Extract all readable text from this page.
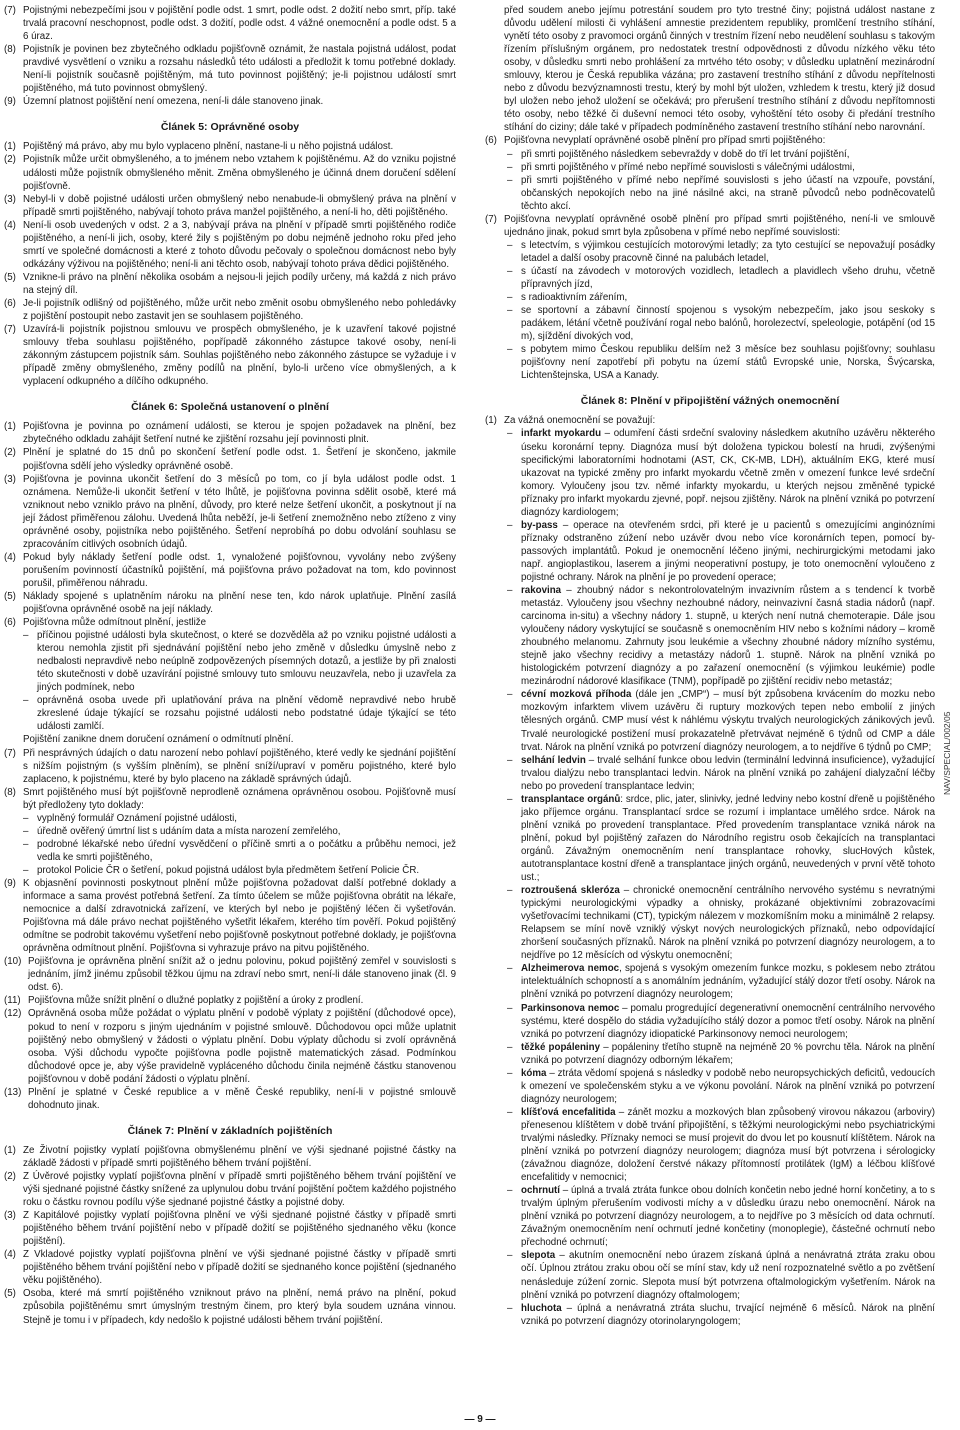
(7) Pojistnými nebezpečími jsou v pojištění podle odst. 1 smrt, podle odst. 2 dožití nebo smrt, příp. také trvalá pracovní neschopnost, podle odst. 3 dožití, podle odst. 4 vážné onemocnění a podle odst. 5 a 6 úraz.

(8) Pojistník je povinen bez zbytečného odkladu pojišťovně oznámit, že nastala pojistná událost, podat pravdivé vysvětlení o vzniku a rozsahu následků této události a předložit k tomu potřebné doklady. Není-li pojistník současně pojištěným, má tuto povinnost pojištěný; je-li pojistnou událostí smrt pojištěného, má tuto povinnost obmyšlený.

(9) Územní platnost pojištění není omezena, není-li dále stanoveno jinak.

Článek 5: Oprávněné osoby

(1) Pojištěný má právo, aby mu bylo vyplaceno plnění, nastane-li u něho pojistná událost.

(2) Pojistník může určit obmyšleného, a to jménem nebo vztahem k pojištěnému. Až do vzniku pojistné události může pojistník obmyšleného měnit. Změna obmyšleného je účinná dnem doručení sdělení pojišťovně.

(3) Nebyl-li v době pojistné události určen obmyšlený nebo nenabude-li obmyšlený práva na plnění v případě smrti pojištěného, nabývají tohoto práva manžel pojištěného, a není-li ho, děti pojištěného.

(4) Není-li osob uvedených v odst. 2 a 3, nabývají práva na plnění v případě smrti pojištěného rodiče pojištěného, a není-li jich, osoby, které žily s pojištěným po dobu nejméně jednoho roku před jeho smrtí ve společné domácnosti a které z tohoto důvodu pečovaly o společnou domácnost nebo byly odkázány výživou na pojištěného; není-li ani těchto osob, nabývají tohoto práva dědici pojištěného.

(5) Vznikne-li právo na plnění několika osobám a nejsou-li jejich podíly určeny, má každá z nich právo na stejný díl.

(6) Je-li pojistník odlišný od pojištěného, může určit nebo změnit osobu obmyšleného nebo pohledávky z pojištění postoupit nebo zastavit jen se souhlasem pojištěného.

(7) Uzavírá-li pojistník pojistnou smlouvu ve prospěch obmyšleného, je k uzavření takové pojistné smlouvy třeba souhlasu pojištěného, popřípadě zákonného zástupce takové osoby, není-li zákonným zástupcem pojistník sám. Souhlas pojištěného nebo zákonného zástupce se vyžaduje i v případě změny obmyšleného, změny podílů na plnění, bylo-li určeno více obmyšlených, a k vyplacení odkupného a dílčího odkupného.

Článek 6: Společná ustanovení o plnění

(1) Pojišťovna je povinna po oznámení události, se kterou je spojen požadavek na plnění, bez zbytečného odkladu zahájit šetření nutné ke zjištění rozsahu její povinnosti plnit.

(2) Plnění je splatné do 15 dnů po skončení šetření podle odst. 1. Šetření je skončeno, jakmile pojišťovna sdělí jeho výsledky oprávněné osobě.

(3) Pojišťovna je povinna ukončit šetření do 3 měsíců po tom, co jí byla událost podle odst. 1 oznámena. Nemůže-li ukončit šetření v této lhůtě, je pojišťovna povinna sdělit osobě, které má vzniknout nebo vzniklo právo na plnění, důvody, pro které nelze šetření ukončit, a poskytnout jí na její žádost přiměřenou zálohu. Uvedená lhůta neběží, je-li šetření znemožněno nebo ztíženo z viny oprávněné osoby, pojistníka nebo pojištěného. Šetření neprobíhá po dobu odvolání souhlasu se zpracováním citlivých osobních údajů.

(4) Pokud byly náklady šetření podle odst. 1, vynaložené pojišťovnou, vyvolány nebo zvýšeny porušením povinností účastníků pojištění, má pojišťovna právo požadovat na tom, kdo povinnost porušil, přiměřenou náhradu.

(5) Náklady spojené s uplatněním nároku na plnění nese ten, kdo nárok uplatňuje. Plnění zasílá pojišťovna oprávněné osobě na její náklady.

(6) Pojišťovna může odmítnout plnění, jestliže

– příčinou pojistné události byla skutečnost, o které se dozvěděla až po vzniku pojistné události a kterou nemohla zjistit při sjednávání pojištění nebo jeho změně v důsledku úmyslně nebo z nedbalosti nepravdivě nebo neúplně zodpovězených písemných dotazů, a jestliže by při znalosti této skutečnosti v době uzavírání pojistné smlouvy tuto smlouvu neuzavřela, nebo ji uzavřela za jiných podmínek, nebo

– oprávněná osoba uvede při uplatňování práva na plnění vědomě nepravdivé nebo hrubě zkreslené údaje týkající se rozsahu pojistné události nebo podstatné údaje týkající se této události zamlčí.

Pojištění zanikne dnem doručení oznámení o odmítnutí plnění.

(7) Při nesprávných údajích o datu narození nebo pohlaví pojištěného, které vedly ke sjednání pojištění s nižším pojistným (s vyšším plněním), se plnění sníží/upraví v poměru pojistného, které bylo zaplaceno, k pojistnému, které by bylo placeno na základě správných údajů.

(8) Smrt pojištěného musí být pojišťovně neprodleně oznámena oprávněnou osobou. Pojišťovně musí být předloženy tyto doklady:

– vyplněný formulář Oznámení pojistné události,

– úředně ověřený úmrtní list s udáním data a místa narození zemřelého,

– podrobné lékařské nebo úřední vysvědčení o příčině smrti a o počátku a průběhu nemoci, jež vedla ke smrti pojištěného,

– protokol Policie ČR o šetření, pokud pojistná událost byla předmětem šetření Policie ČR.

(9) K objasnění povinnosti poskytnout plnění může pojišťovna požadovat další potřebné doklady a informace a sama provést potřebná šetření. Za tímto účelem se může pojišťovna obrátit na lékaře, nemocnice a další zdravotnická zařízení, ve kterých byl nebo je pojištěný léčen či vyšetřován. Pojišťovna má dále právo nechat pojištěného vyšetřit lékařem, kterého tím pověří. Pokud pojištěný odmítne se podrobit takovému vyšetření nebo pojišťovně poskytnout potřebné doklady, je pojišťovna oprávněna odmítnout plnění. Pojišťovna si vyhrazuje právo na pitvu pojištěného.

(10) Pojišťovna je oprávněna plnění snížit až o jednu polovinu, pokud pojištěný zemřel v souvislosti s jednáním, jímž jinému způsobil těžkou újmu na zdraví nebo smrt, není-li dále stanoveno jinak (čl. 9 odst. 6).

(11) Pojišťovna může snížit plnění o dlužné poplatky z pojištění a úroky z prodlení.

(12) Oprávněná osoba může požádat o výplatu plnění v podobě výplaty z pojištění (důchodové opce), pokud to není v rozporu s jiným ujednáním v pojistné smlouvě. Důchodovou opci může uplatnit pojištěný nebo obmyšlený v žádosti o výplatu plnění. Dobu výplaty důchodu si zvolí oprávněná osoba. Výši důchodu vypočte pojišťovna podle pojistně matematických zásad. Podmínkou důchodové opce je, aby výše pravidelně vypláceného důchodu činila nejméně částku stanovenou pojišťovnou v době podání žádosti o výplatu plnění.

(13) Plnění je splatné v České republice a v měně České republiky, není-li v pojistné smlouvě dohodnuto jinak.

Článek 7: Plnění v základních pojištěních

(1) Ze Životní pojistky vyplatí pojišťovna obmyšlenému plnění ve výši sjednané pojistné částky na základě žádosti v případě smrti pojištěného během trvání pojištění.

(2) Z Úvěrové pojistky vyplatí pojišťovna plnění v případě smrti pojištěného během trvání pojištění ve výši sjednané pojistné částky snížené za uplynulou dobu trvání pojištění počtem každého pojistného roku o částku rovnou podílu výše sjednané pojistné částky a pojistné doby.

(3) Z Kapitálové pojistky vyplatí pojišťovna plnění ve výši sjednané pojistné částky v případě smrti pojištěného během trvání pojištění nebo v případě dožití se pojištěného sjednaného věku (konce pojištění).

(4) Z Vkladové pojistky vyplatí pojišťovna plnění ve výši sjednané pojistné částky v případě smrti pojištěného během trvání pojištění nebo v případě dožití se sjednaného konce pojištění (sjednaného věku pojištěného).

(5) Osoba, které má smrtí pojištěného vzniknout právo na plnění, nemá právo na plnění, pokud způsobila pojištěnému smrt úmyslným trestným činem, pro který byla soudem uznána vinnou. Stejně je tomu i v případech, kdy nedošlo k pojistné události během trvání pojištění.

před soudem anebo jejímu potrestání soudem pro tyto trestné činy; pojistná událost nastane z důvodu udělení milosti či vyhlášení amnestie prezidentem republiky, promlčení trestního stíhání, vynětí této osoby z pravomoci orgánů činných v trestním řízení nebo neudělení souhlasu s takovým řízením příslušným orgánem, pro nedostatek trestní odpovědnosti z důvodu nízkého věku této osoby, v důsledku smrti nebo prohlášení za mrtvého této osoby; v důsledku uplatnění mezinárodní smlouvy, kterou je Česká republika vázána; pro zastavení trestního stíhání z důvodu nepřítelnosti nebo z důvodu bezvýznamnosti trestu, který by mohl být uložen, vzhledem k trestu, který již dosud byl uložen nebo jehož uložení se očekává; pro přerušení trestního stíhání z důvodu nepřítomnosti této osoby, nebo těžké či duševní nemoci této osoby, vyhoštění této osoby či předání trestního stíhání do ciziny; dále také v případech podmíněného zastavení trestního stíhání nebo narovnání.

(6) Pojišťovna nevyplatí oprávněné osobě plnění pro případ smrti pojištěného:

– při smrti pojištěného následkem sebevraždy v době do tří let trvání pojištění,

– při smrti pojištěného v přímé nebo nepřímé souvislosti s válečnými událostmi,

– při smrti pojištěného v přímé nebo nepřímé souvislosti s jeho účastí na vzpouře, povstání, občanských nepokojích nebo na jiné násilné akci, na straně původců nebo podněcovatelů těchto akcí.

(7) Pojišťovna nevyplatí oprávněné osobě plnění pro případ smrti pojištěného, není-li ve smlouvě ujednáno jinak, pokud smrt byla způsobena v přímé nebo nepřímé souvislosti:

– s letectvím, s výjimkou cestujících motorovými letadly; za tyto cestující se nepovažují posádky letadel a další osoby pracovně činné na palubách letadel,

– s účastí na závodech v motorových vozidlech, letadlech a plavidlech všeho druhu, včetně přípravných jízd,

– s radioaktivním zářením,

– se sportovní a zábavní činností spojenou s vysokým nebezpečím, jako jsou seskoky s padákem, létání včetně používání rogal nebo balónů, horolezectví, speleologie, potápění (od 15 m), sjíždění divokých vod,

– s pobytem mimo Českou republiku delším než 3 měsíce bez souhlasu pojišťovny; souhlasu pojišťovny není zapotřebí při pobytu na území států Evropské unie, Norska, Švýcarska, Lichtenštejnska, USA a Kanady.

Článek 8: Plnění v připojištění vážných onemocnění

(1) Za vážná onemocnění se považují:

– infarkt myokardu – odumření části srdeční svaloviny následkem akutního uzávěru některého úseku koronární tepny. Diagnóza musí být doložena typickou bolestí na hrudi, zvýšenými specifickými laboratorními hodnotami (AST, CK, CK-MB, LDH), aktuálním EKG, které musí ukazovat na typické změny pro infarkt myokardu včetně změn v omezení funkce levé srdeční komory. Vyloučeny jsou tzv. němé infarkty myokardu, u kterých nejsou změněné typické příznaky pro infarkt myokardu zjevné, popř. nejsou zjištěny. Nárok na plnění vzniká po potvrzení diagnózy kardiologem;

– by-pass – operace na otevřeném srdci, při které je u pacientů s omezujícími anginózními příznaky odstraněno zúžení nebo uzávěr dvou nebo více koronárních tepen, pomocí by-passových implantátů. Pokud je onemocnění léčeno jinými, nechirurgickými metodami jako např. angioplastikou, laserem a jinými neoperativní postupy, je toto onemocnění vyloučeno z pojistné ochrany. Nárok na plnění je po provedení operace;

– rakovina – zhoubný nádor s nekontrolovatelným invazivním růstem a s tendencí k tvorbě metastáz. Vyloučeny jsou všechny nezhoubné nádory, neinvazivní časná stadia nádorů (např. carcinoma in-situ) a všechny nádory 1. stupně, u kterých není nutná chemoterapie. Dále jsou vyloučeny nádory vyskytující se současně s onemocněním HIV nebo s kožními nádory – kromě zhoubného melanomu. Zahrnuty jsou leukémie a všechny zhoubné nádory mízního systému, stejně jako všechny recidivy a metastázy nádorů 1. stupně. Nárok na plnění vzniká po histologickém potvrzení diagnózy a po zařazení onemocnění (s výjimkou leukémie) podle mezinárodní nádorové klasifikace (TNM), popřípadě po zjištění recidiv nebo metastáz;

– cévní mozková příhoda (dále jen „CMP“) – musí být způsobena krvácením do mozku nebo mozkovým infarktem vlivem uzávěru či ruptury mozkových tepen nebo embolií z jiných tělesných orgánů. CMP musí vést k náhlému výskytu trvalých neurologických zánikových jevů. Trvalé neurologické postižení musí prokazatelně přetrvávat nejméně 6 týdnů od CMP a dále trvat. Nárok na plnění vzniká po potvrzení diagnózy neurologem, a to nejdříve 6 týdnů po CMP;

– selhání ledvin – trvalé selhání funkce obou ledvin (terminální ledvinná insuficience), vyžadující trvalou dialýzu nebo transplantaci ledvin. Nárok na plnění vzniká po zahájení dialyzační léčby nebo po provedení transplantace ledvin;

– transplantace orgánů: srdce, plic, jater, slinivky, jedné ledviny nebo kostní dřeně u pojištěného jako příjemce orgánu. Transplantací srdce se rozumí i implantace umělého srdce. Nárok na plnění vzniká po provedení transplantace. Před provedením transplantace vzniká nárok na plnění, pokud byl pojištěný zařazen do Národního registru osob čekajících na transplantaci orgánů. Závažným onemocněním není transplantace rohovky, slucHových kůstek, autotransplantace kostní dřeně a transplantace jiných orgánů, neuvedených v první větě tohoto ust.;

– roztroušená skleróza – chronické onemocnění centrálního nervového systému s nevratnými typickými neurologickými výpadky a ohnisky, prokázané objektivními zobrazovacími vyšetřovacími technikami (CT), typickým nálezem v mozkomíšním moku a minimálně 2 relapsy. Relapsem se míní nově vzniklý výskyt nových neurologických příznaků, nebo odpovídající zhoršení současných příznaků. Nárok na plnění vzniká po potvrzení diagnózy neurologem, a to nejdříve po 12 měsících od výskytu onemocnění;

– Alzheimerova nemoc, spojená s vysokým omezením funkce mozku, s poklesem nebo ztrátou intelektuálních schopností a s anomálním jednáním, vyžadující stálý dozor třetí osoby. Nárok na plnění vzniká po potvrzení diagnózy neurologem;

– Parkinsonova nemoc – pomalu progredující degenerativní onemocnění centrálního nervového systému, které dospělo do stádia vyžadujícího stálý dozor a pomoc třetí osoby. Nárok na plnění vzniká po potvrzení diagnózy idiopatické Parkinsonovy nemoci neurologem;

– těžké popáleniny – popáleniny třetího stupně na nejméně 20 % povrchu těla. Nárok na plnění vzniká po potvrzení diagnózy odborným lékařem;

– kóma – ztráta vědomí spojená s následky v podobě nebo neuropsychických deficitů, vedoucích k omezení ve společenském styku a ve výkonu povolání. Nárok na plnění vzniká po potvrzení diagnózy neurologem;

– klíšťová encefalitida – zánět mozku a mozkových blan způsobený virovou nákazou (arboviry) přenesenou klíštětem v době trvání připojištění, s těžkými neurologickými nebo psychiatrickými trvalými následky. Příznaky nemoci se musí projevit do dvou let po kousnutí klíštětem. Nárok na plnění vzniká po potvrzení diagnózy neurologem; diagnóza musí být potvrzena i sérologicky (závažnou diagnóze, doložení čerstvé nákazy přítomností protilátek (IgM) a léčbou klíšťové encefalitidy v nemocnici;

– ochrnutí – úplná a trvalá ztráta funkce obou dolních končetin nebo jedné horní končetiny, a to s trvalým úplným přerušením vodivosti míchy a v důsledku úrazu nebo onemocnění. Nárok na plnění vzniká po potvrzení diagnózy neurologem, a to nejdříve po 3 měsících od data ochrnutí. Závažným onemocněním není ochrnutí jedné končetiny (monoplegie), částečné ochrnutí nebo přechodné ochrnutí;

– slepota – akutním onemocnění nebo úrazem získaná úplná a nenávratná ztráta zraku obou očí. Úplnou ztrátou zraku obou očí se míní stav, kdy už není rozpoznatelné světlo a po zvětšení nenásleduje zúžení zornic. Slepota musí být potvrzena oftalmologickým vyšetřením. Nárok na plnění vzniká po potvrzení diagnózy oftalmologem;

– hluchota – úplná a nenávratná ztráta sluchu, trvající nejméně 6 měsíců. Nárok na plnění vzniká po potvrzení diagnózy otorinolaryngologem;

NAV/SPECIAL/002/05
— 9 —
